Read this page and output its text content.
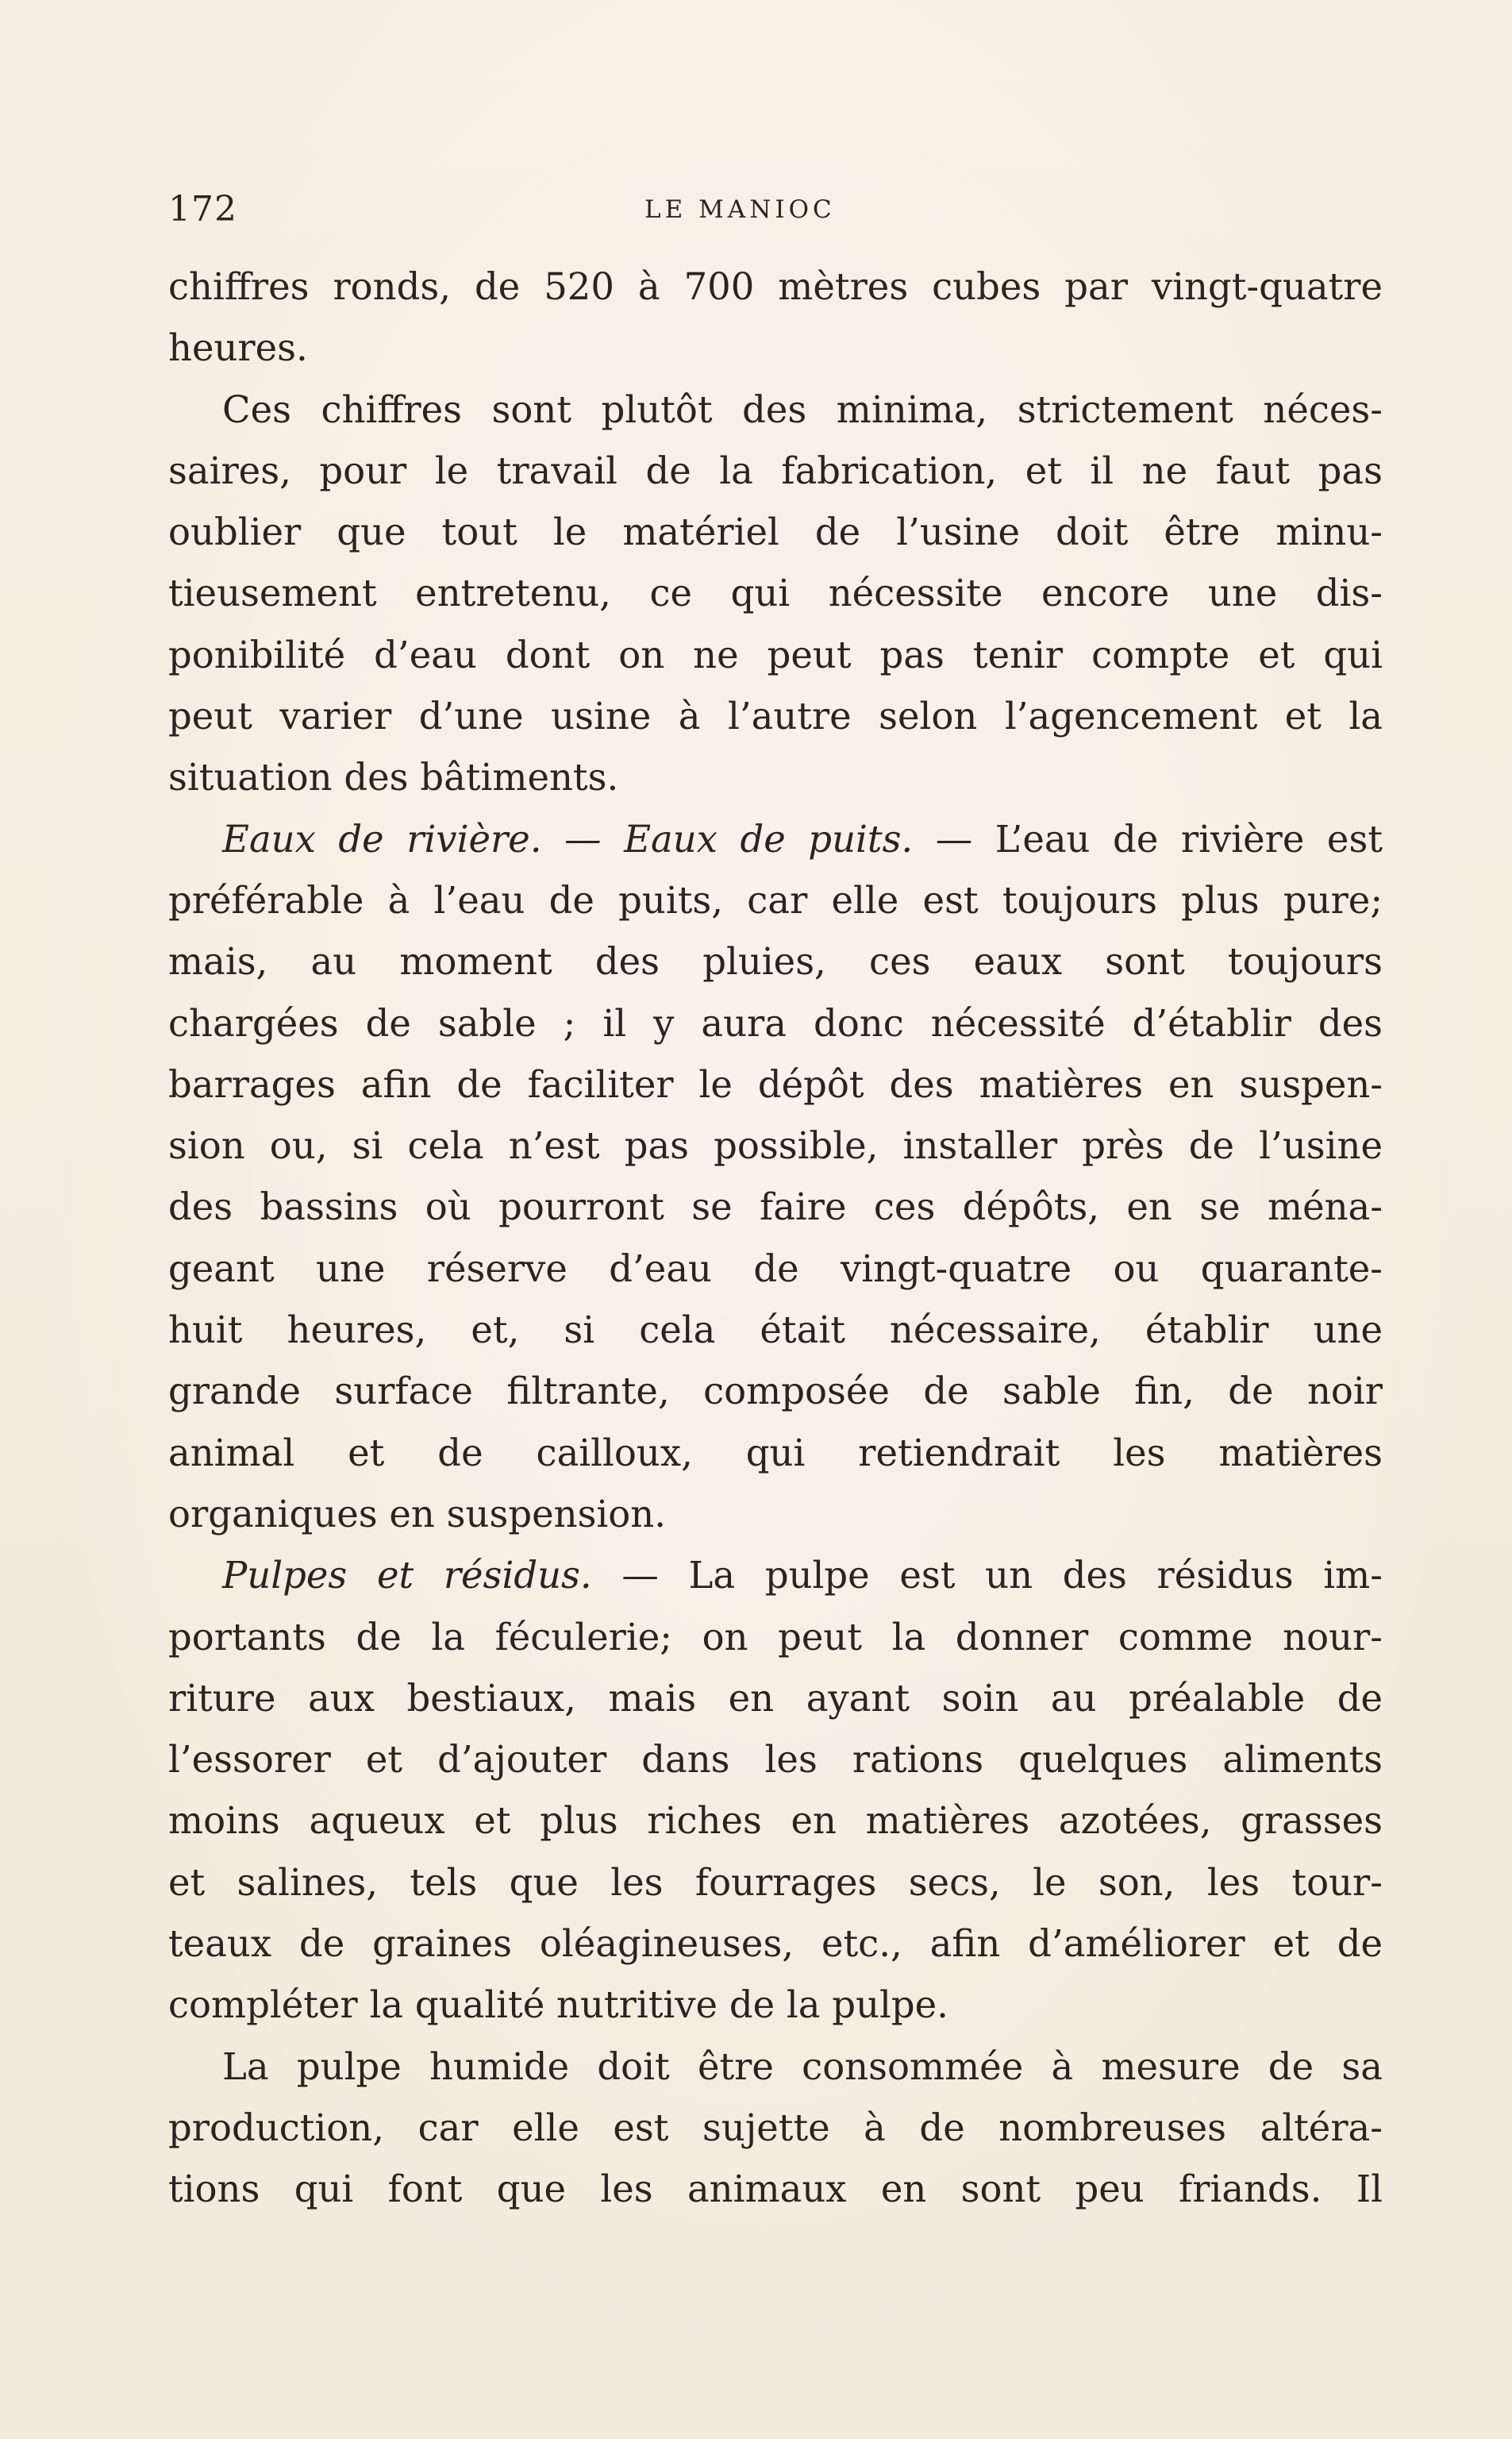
172	LE MANIOC
chiffres ronds, de 520 à 700 mètres cubes par vingt-quatre
heures.
Ces chiffres sont plutôt des minima, strictement néces-
saires, pour le travail de la fabrication, et il ne faut pas
oublier que tout le matériel de l’usine doit être minu-
tieusement entretenu, ce qui nécessite encore une dis-
ponibilité d’eau dont on ne peut pas tenir compte et qui
peut varier d’une usine à l’autre selon l’agencement et la
situation des bâtiments.
Eaux de rivière. — Eaux de puits. — L’eau de rivière est
préférable à l’eau de puits, car elle est toujours plus pure;
mais, au moment des pluies, ces eaux sont toujours
chargées de sable ; il y aura donc nécessité d’établir des
barrages afin de faciliter le dépôt des matières en suspen-
sion ou, si cela n’est pas possible, installer près de l’usine
des bassins où pourront se faire ces dépôts, en se ména-
geant une réserve d’eau de vingt-quatre ou quarante-
huit heures, et, si cela était nécessaire, établir une
grande surface filtrante, composée de sable fin, de noir
animal et de cailloux, qui retiendrait les matières
organiques en suspension.
Pulpes et résidus. — La pulpe est un des résidus im-
portants de la féculerie; on peut la donner comme nour-
riture aux bestiaux, mais en ayant soin au préalable de
l’essorer et d’ajouter dans les rations quelques aliments
moins aqueux et plus riches en matières azotées, grasses
et salines, tels que les fourrages secs, le son, les tour-
teaux de graines oléagineuses, etc., afin d’améliorer et de
compléter la qualité nutritive de la pulpe.
La pulpe humide doit être consommée à mesure de sa
production, car elle est sujette à de nombreuses altéra-
tions qui font que les animaux en sont peu friands. Il
